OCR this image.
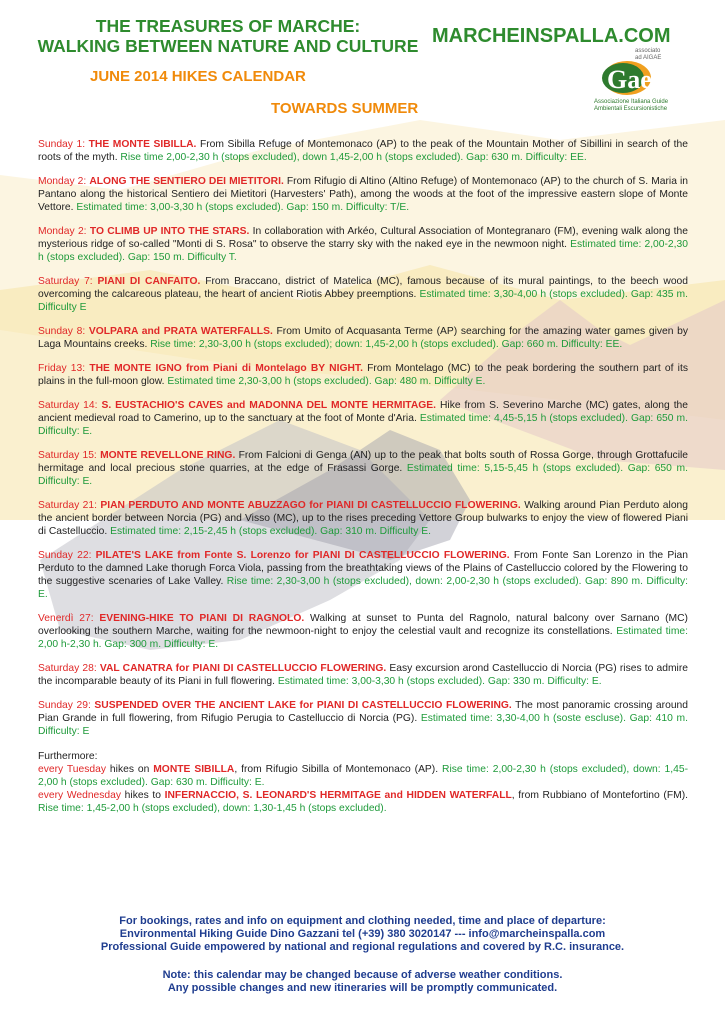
THE TREASURES OF MARCHE:
WALKING BETWEEN NATURE AND CULTURE MARCHEINSPALLA.COM
JUNE 2014 HIKES CALENDAR
TOWARDS SUMMER
associato
ad AIGAE
Gae
Associazione Italiana Guide
Ambientali Escursionistiche
Sunday 1: THE MONTE SIBILLA. From Sibilla Refuge of Montemonaco (AP) to the peak of the Mountain Mother of Sibillini in search of the roots of the myth. Rise time 2,00-2,30 h (stops excluded), down 1,45-2,00 h (stops excluded). Gap: 630 m. Difficulty: EE.
Monday 2: ALONG THE SENTIERO DEI MIETITORI. From Rifugio di Altino (Altino Refuge) of Montemonaco (AP) to the church of S. Maria in Pantano along the historical Sentiero dei Mietitori (Harvesters' Path), among the woods at the foot of the impressive eastern slope of Monte Vettore. Estimated time: 3,00-3,30 h (stops excluded). Gap: 150 m. Difficulty: T/E.
Monday 2: TO CLIMB UP INTO THE STARS. In collaboration with Arkéo, Cultural Association of Montegranaro (FM), evening walk along the mysterious ridge of so-called "Monti di S. Rosa" to observe the starry sky with the naked eye in the newmoon night. Estimated time: 2,00-2,30 h (stops excluded). Gap: 150 m. Difficulty T.
Saturday 7: PIANI DI CANFAITO. From Braccano, district of Matelica (MC), famous because of its mural paintings, to the beech wood overcoming the calcareous plateau, the heart of ancient Riotis Abbey preemptions. Estimated time: 3,30-4,00 h (stops excluded). Gap: 435 m. Difficulty E
Sunday 8: VOLPARA and PRATA WATERFALLS. From Umito of Acquasanta Terme (AP) searching for the amazing water games given by Laga Mountains creeks. Rise time: 2,30-3,00 h (stops excluded); down: 1,45-2,00 h (stops excluded). Gap: 660 m. Difficulty: EE.
Friday 13: THE MONTE IGNO from Piani di Montelago BY NIGHT. From Montelago (MC) to the peak bordering the southern part of its plains in the full-moon glow. Estimated time 2,30-3,00 h (stops excluded). Gap: 480 m. Difficulty E.
Saturday 14: S. EUSTACHIO'S CAVES and MADONNA DEL MONTE HERMITAGE. Hike from S. Severino Marche (MC) gates, along the ancient medieval road to Camerino, up to the sanctuary at the foot of Monte d'Aria. Estimated time: 4,45-5,15 h (stops excluded). Gap: 650 m. Difficulty: E.
Saturday 15: MONTE REVELLONE RING. From Falcioni di Genga (AN) up to the peak that bolts south of Rossa Gorge, through Grottafucile hermitage and local precious stone quarries, at the edge of Frasassi Gorge. Estimated time: 5,15-5,45 h (stops excluded). Gap: 650 m. Difficulty: E.
Saturday 21: PIAN PERDUTO AND MONTE ABUZZAGO for PIANI DI CASTELLUCCIO FLOWERING. Walking around Pian Perduto along the ancient border between Norcia (PG) and Visso (MC), up to the rises preceding Vettore Group bulwarks to enjoy the view of flowered Piani di Castelluccio. Estimated time: 2,15-2,45 h (stops excluded). Gap: 310 m. Difficulty E.
Sunday 22: PILATE'S LAKE from Fonte S. Lorenzo for PIANI DI CASTELLUCCIO FLOWERING. From Fonte San Lorenzo in the Pian Perduto to the damned Lake thorugh Forca Viola, passing from the breathtaking views of the Plains of Castelluccio colored by the Flowering to the suggestive scenaries of Lake Valley. Rise time: 2,30-3,00 h (stops excluded), down: 2,00-2,30 h (stops excluded). Gap: 890 m. Difficulty: E.
Venerdì 27: EVENING-HIKE TO PIANI DI RAGNOLO. Walking at sunset to Punta del Ragnolo, natural balcony over Sarnano (MC) overlooking the southern Marche, waiting for the newmoon-night to enjoy the celestial vault and recognize its constellations. Estimated time: 2,00 h-2,30 h. Gap: 300 m. Difficulty: E.
Saturday 28: VAL CANATRA for PIANI DI CASTELLUCCIO FLOWERING. Easy excursion arond Castelluccio di Norcia (PG) rises to admire the incomparable beauty of its Piani in full flowering. Estimated time: 3,00-3,30 h (stops excluded). Gap: 330 m. Difficulty: E.
Sunday 29: SUSPENDED OVER THE ANCIENT LAKE for PIANI DI CASTELLUCCIO FLOWERING. The most panoramic crossing around Pian Grande in full flowering, from Rifugio Perugia to Castelluccio di Norcia (PG). Estimated time: 3,30-4,00 h (soste escluse). Gap: 410 m. Difficulty: E
Furthermore:
every Tuesday hikes on MONTE SIBILLA, from Rifugio Sibilla of Montemonaco (AP). Rise time: 2,00-2,30 h (stops excluded), down: 1,45-2,00 h (stops excluded). Gap: 630 m. Difficulty: E.
every Wednesday hikes to INFERNACCIO, S. LEONARD'S HERMITAGE and HIDDEN WATERFALL, from Rubbiano of Montefortino (FM). Rise time: 1,45-2,00 h (stops excluded), down: 1,30-1,45 h (stops excluded).
For bookings, rates and info on equipment and clothing needed, time and place of departure:
Environmental Hiking Guide Dino Gazzani tel (+39) 380 3020147 --- info@marcheinspalla.com
Professional Guide empowered by national and regional regulations and covered by R.C. insurance.
Note: this calendar may be changed because of adverse weather conditions.
Any possible changes and new itineraries will be promptly communicated.
